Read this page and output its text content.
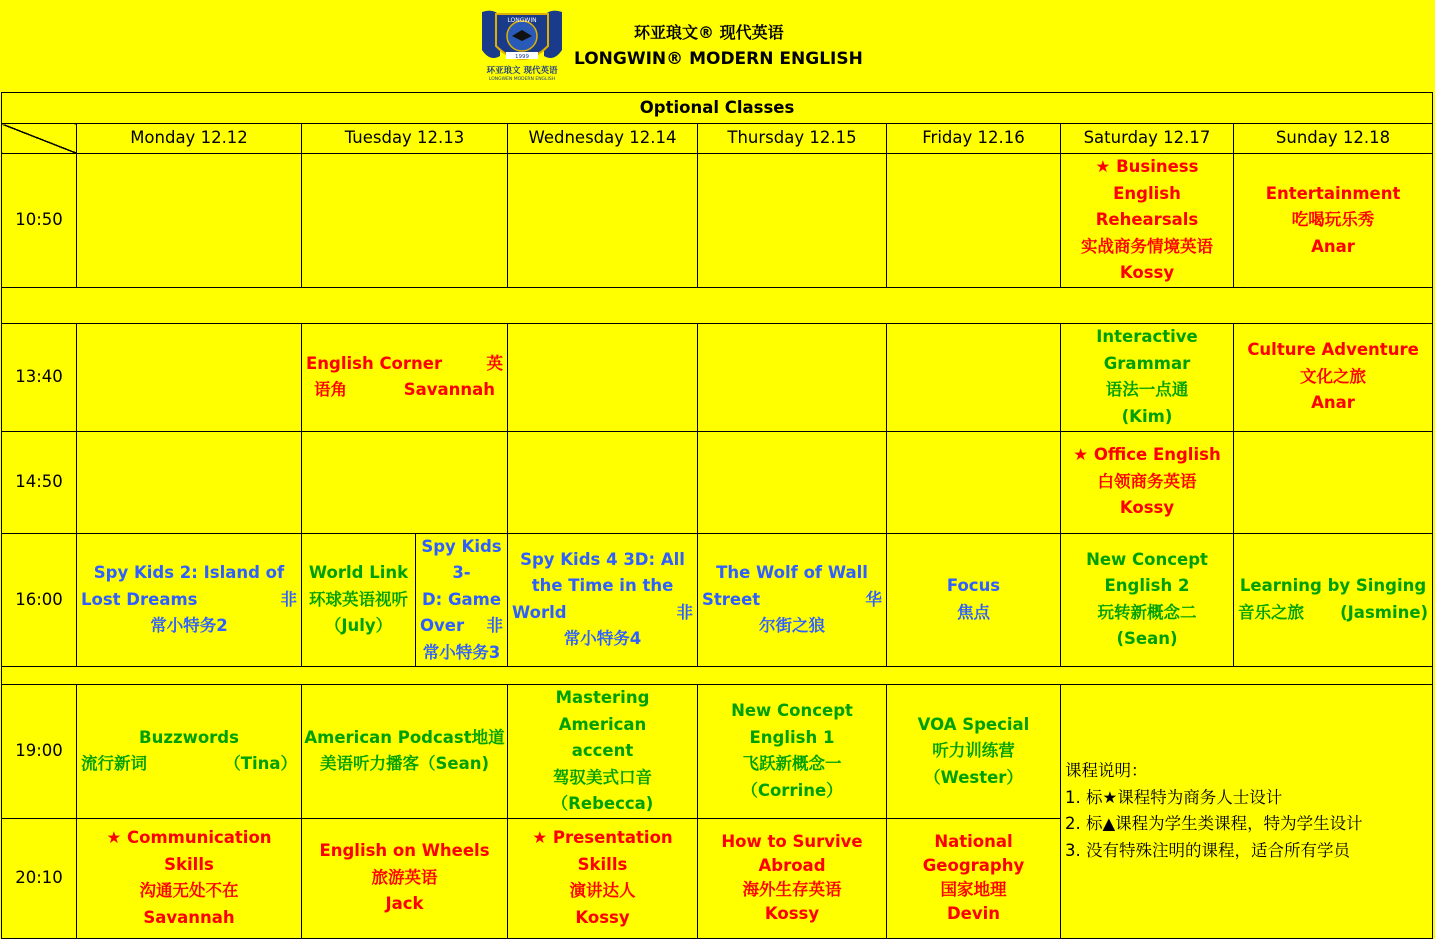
LONGWIN
1999
环亚琅文 现代英语
LONGWEN MODERN ENGLISH
环亚琅文® 现代英语
LONGWIN® MODERN ENGLISH
Optional Classes								
	Monday 12.12	Tuesday 12.13		Wednesday 12.14	Thursday 12.15	Friday 12.16	Saturday 12.17	Sunday 12.18
10:50							★ Business
English Rehearsals
实战商务情境英语
Kossy	Entertainment
吃喝玩乐秀
Anar

13:40		English Corner 英
语角 Savannah					Interactive
Grammar
语法一点通
(Kim)	Culture Adventure
文化之旅
Anar

14:50							★ Office English
白领商务英语
Kossy	

16:00	Spy Kids 2: Island of
Lost Dreams 非
常小特务2	World Link
环球英语视听
（July）	Spy Kids 3-
D: Game
Over 非
常小特务3	Spy Kids 4 3D: All
the Time in the
World 非
常小特务4	The Wolf of Wall
Street 华
尔街之狼	Focus
焦点	New Concept
English 2
玩转新概念二
(Sean)	Learning by Singing
音乐之旅 (Jasmine)

19:00	Buzzwords
流行新词 （Tina）	American Podcast地道
美语听力播客（Sean)		Mastering American
accent
驾驭美式口音
（Rebecca)	New Concept
English 1
飞跃新概念一
（Corrine）	VOA Special
听力训练营
（Wester）	课程说明：
1. 标★课程特为商务人士设计
2. 标▲课程为学生类课程，特为学生设计
3. 没有特殊注明的课程，适合所有学员	

20:10	★ Communication Skills
沟通无处不在
Savannah	English on Wheels
旅游英语
Jack		★ Presentation Skills
演讲达人
Kossy	How to Survive
Abroad
海外生存英语
Kossy	National
Geography
国家地理
Devin		
